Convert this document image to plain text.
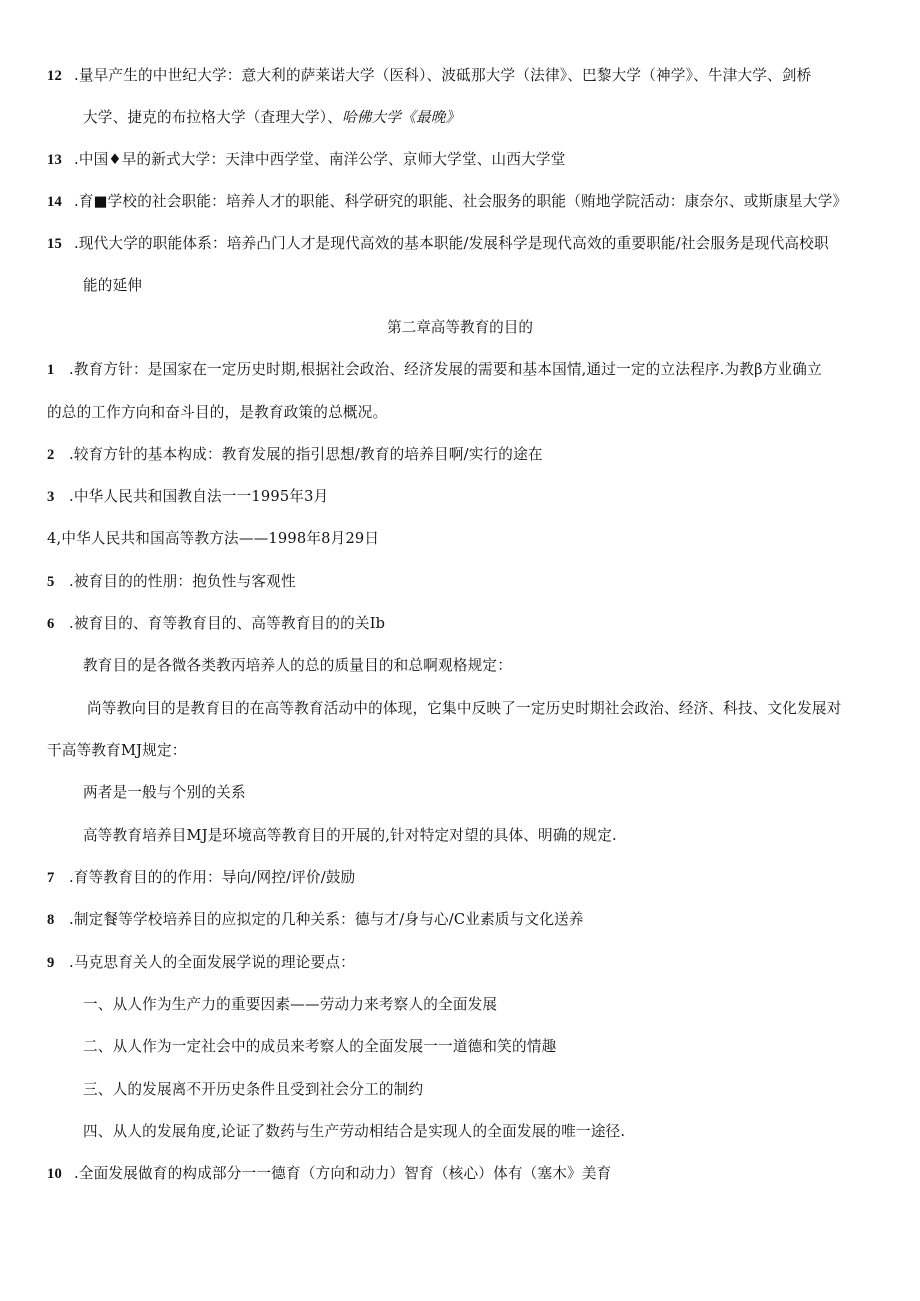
12 .量早产生的中世纪大学：意大利的萨莱诺大学（医科）、波砥那大学（法律》、巴黎大学（神学》、牛津大学、剑桥
大学、捷克的布拉格大学（査理大学）、哈佛大学《最晚》
13 .中国♦早的新式大学：天津中西学堂、南洋公学、京师大学堂、山西大学堂
14 .育■学校的社会职能：培养人才的职能、科学研究的职能、社会服务的职能（贿地学院活动：康奈尔、或斯康星大学》
15 .现代大学的职能体系：培养凸门人才是现代高效的基本职能/发展科学是现代高效的重要职能/社会服务是现代高校职
能的延伸
第二章高等教育的目的
1 .教育方针：是国家在一定历史时期,根据社会政治、经济发展的需要和基本国情,通过一定的立法程序.为教β方业确立
的总的工作方向和奋斗目的，是教育政策的总概况。
2 .较育方针的基本构成：教育发展的指引思想/教育的培养目啊/实行的途在
3 .中华人民共和国教自法一一1995年3月
4,中华人民共和国高等教方法——1998年8月29日
5 .被育目的的性朋：抱负性与客观性
6 .被育目的、育等教育目的、高等教育目的的关Ib
教育目的是各微各类教丙培养人的总的质量目的和总啊观格规定：
尚等教向目的是教育目的在高等教育活动中的体现，它集中反映了一定历史时期社会政治、经济、科技、文化发展对
干高等教育MJ规定：
两者是一般与个别的关系
高等教育培养目MJ是环境高等教育目的开展的,针对特定对望的具体、明确的规定.
7 .育等教育目的的作用：导向/网控/评价/鼓励
8 .制定餐等学校培养目的应拟定的几种关系：德与才/身与心/C业素质与文化送养
9 .马克思育关人的全面发展学说的理论要点：
一、从人作为生产力的重要因素——劳动力来考察人的全面发展
二、从人作为一定社会中的成员来考察人的全面发展一一道德和笑的情趣
三、人的发展离不开历史条件且受到社会分工的制约
四、从人的发展角度,论证了数药与生产劳动相结合是实现人的全面发展的唯一途径.
10 .全面发展做育的构成部分一一德育（方向和动力）智育（核心）体有（塞木》美育
